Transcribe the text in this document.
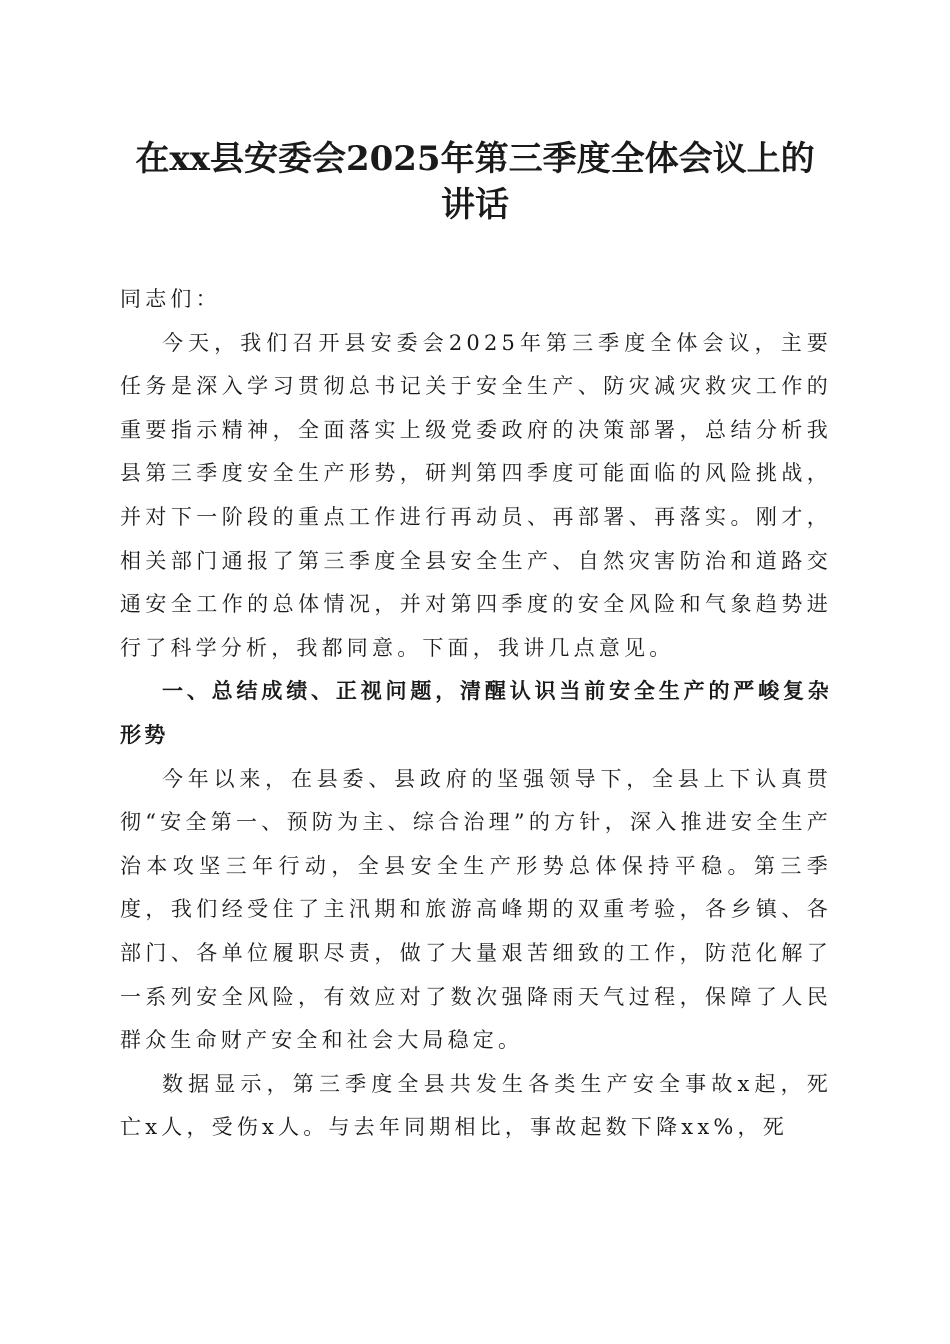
在xx县安委会2025年第三季度全体会议上的
讲话

同志们：

今天，我们召开县安委会2025年第三季度全体会议，主要任务是深入学习贯彻总书记关于安全生产、防灾减灾救灾工作的重要指示精神，全面落实上级党委政府的决策部署，总结分析我县第三季度安全生产形势，研判第四季度可能面临的风险挑战，并对下一阶段的重点工作进行再动员、再部署、再落实。刚才，相关部门通报了第三季度全县安全生产、自然灾害防治和道路交通安全工作的总体情况，并对第四季度的安全风险和气象趋势进行了科学分析，我都同意。下面，我讲几点意见。

一、总结成绩、正视问题，清醒认识当前安全生产的严峻复杂形势

今年以来，在县委、县政府的坚强领导下，全县上下认真贯彻“安全第一、预防为主、综合治理”的方针，深入推进安全生产治本攻坚三年行动，全县安全生产形势总体保持平稳。第三季度，我们经受住了主汛期和旅游高峰期的双重考验，各乡镇、各部门、各单位履职尽责，做了大量艰苦细致的工作，防范化解了一系列安全风险，有效应对了数次强降雨天气过程，保障了人民群众生命财产安全和社会大局稳定。

数据显示，第三季度全县共发生各类生产安全事故x起，死亡x人，受伤x人。与去年同期相比，事故起数下降xx%，死
